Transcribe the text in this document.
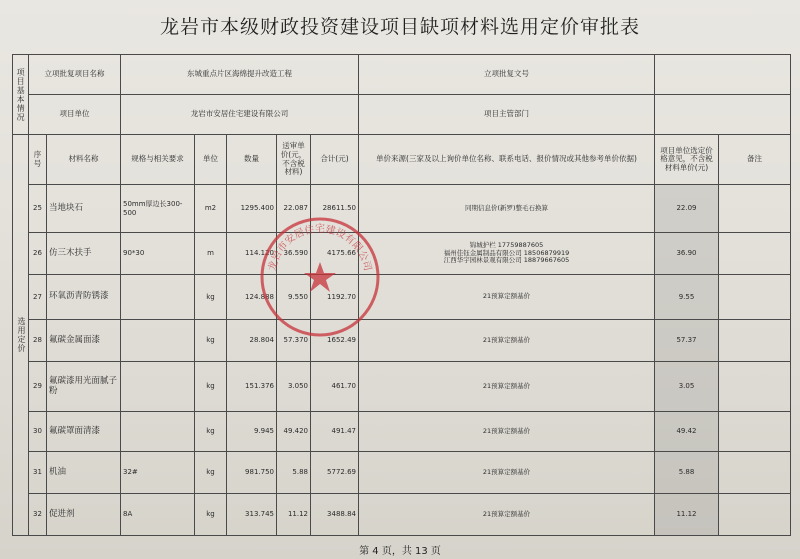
龙岩市本级财政投资建设项目缺项材料选用定价审批表
项目基本情况	立项批复项目名称		东城重点片区海绵提升改造工程					立项批复文号		
	项目单位		龙岩市安居住宅建设有限公司					项目主管部门		
选用定价	序号	材料名称	规格与相关要求	单位	数量	送审单价(元，不含税材料)	合计(元)	单价来源(三家及以上询价单位名称、联系电话、报价情况或其他参考单价依据)	项目单位选定价格意见，不含税材料单价(元)	备注
	25	当地块石	50mm厚边长300-500	m2	1295.400	22.087	28611.50	同期信息价(新罗)整毛石换算	22.09	
	26	仿三木扶手	90*30	m	114.120	36.590	4175.66	锦城护栏 17759887605
福州佳钰金属制品有限公司 18506879919
江西华宇园林景观有限公司 18879667605	36.90	
	27	环氧沥青防锈漆		kg	124.888	9.550	1192.70	21预算定额基价	9.55	
	28	氟碳金属面漆		kg	28.804	57.370	1652.49	21预算定额基价	57.37	
	29	氟碳漆用光面腻子粉		kg	151.376	3.050	461.70	21预算定额基价	3.05	
	30	氟碳罩面清漆		kg	9.945	49.420	491.47	21预算定额基价	49.42	
	31	机油	32#	kg	981.750	5.88	5772.69	21预算定额基价	5.88	
	32	促进剂	8A	kg	313.745	11.12	3488.84	21预算定额基价	11.12	
龙岩市安居住宅建设有限公司
第 4 页，共 13 页
